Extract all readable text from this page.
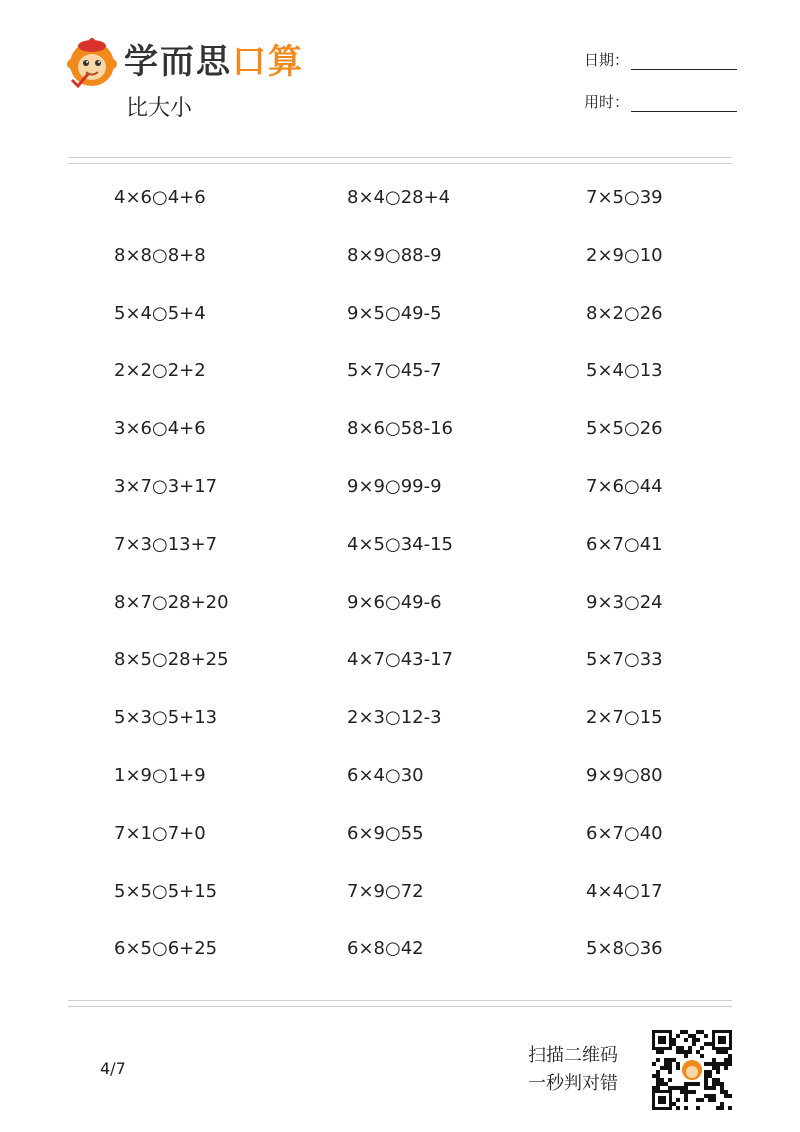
学而思口算
比大小
日期：
用时：
4×6○4+6
8×8○8+8
5×4○5+4
2×2○2+2
3×6○4+6
3×7○3+17
7×3○13+7
8×7○28+20
8×5○28+25
5×3○5+13
1×9○1+9
7×1○7+0
5×5○5+15
6×5○6+25
8×4○28+4
8×9○88-9
9×5○49-5
5×7○45-7
8×6○58-16
9×9○99-9
4×5○34-15
9×6○49-6
4×7○43-17
2×3○12-3
6×4○30
6×9○55
7×9○72
6×8○42
7×5○39
2×9○10
8×2○26
5×4○13
5×5○26
7×6○44
6×7○41
9×3○24
5×7○33
2×7○15
9×9○80
6×7○40
4×4○17
5×8○36
4/7
扫描二维码
一秒判对错
